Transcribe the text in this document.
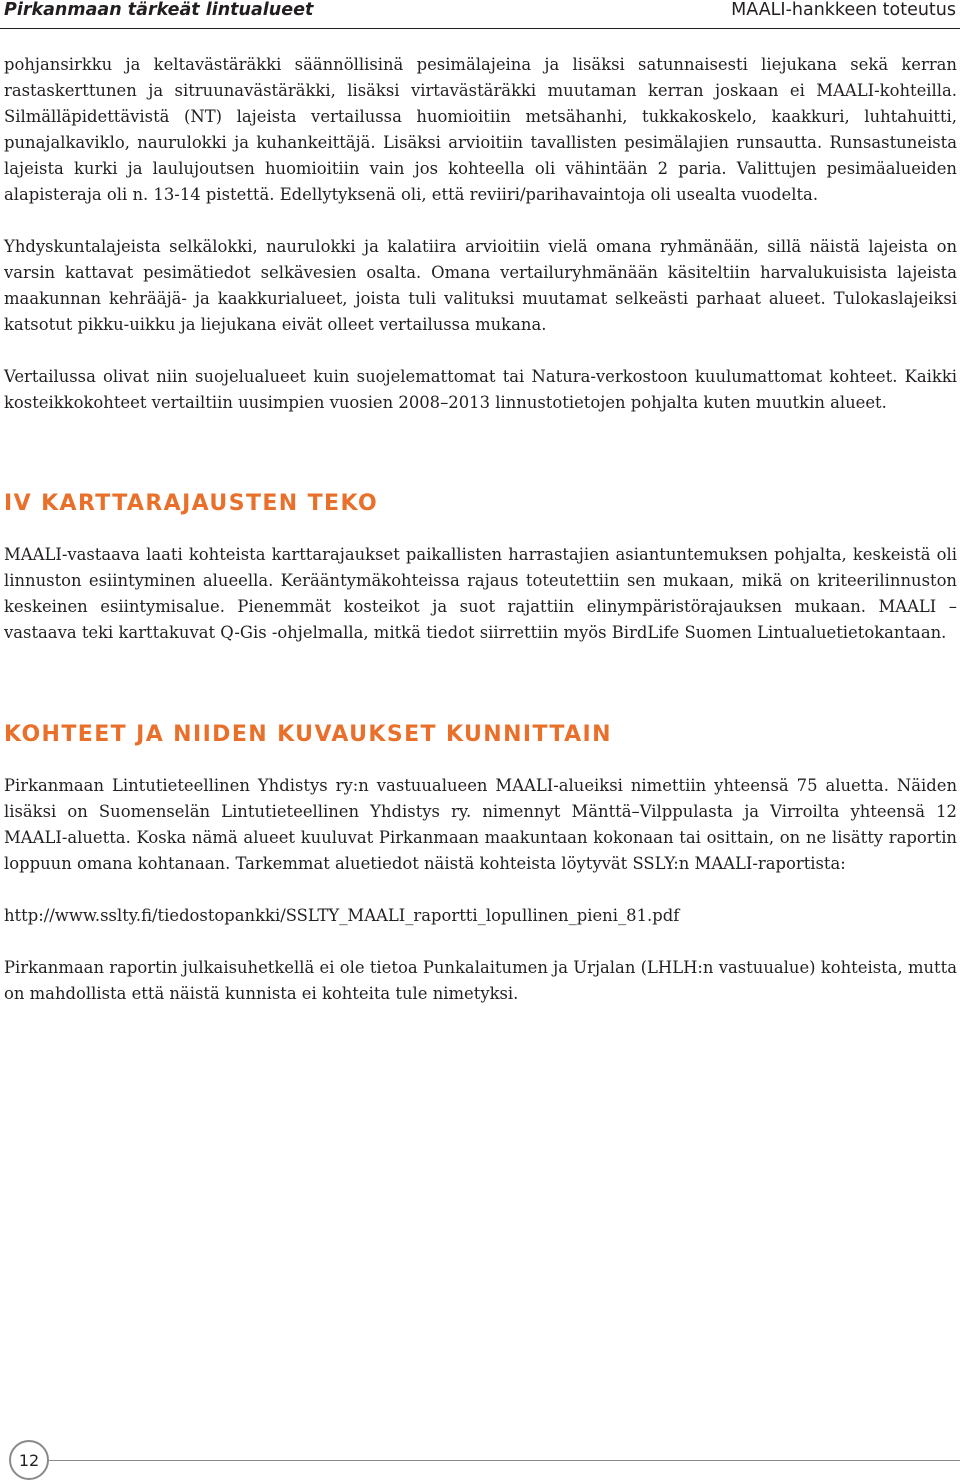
Pirkanmaan tärkeät lintualueet	MAALI-hankkeen toteutus

pohjansirkku ja keltavästäräkki säännöllisinä pesimälajeina ja lisäksi satunnaisesti liejukana sekä kerran rastaskerttunen ja sitruunavästäräkki, lisäksi virtavästäräkki muutaman kerran joskaan ei MAALI-kohteilla. Silmälläpidettävistä (NT) lajeista vertailussa huomioitiin metsähanhi, tukkakoskelo, kaakkuri, luhtahuitti, punajalkaviklo, naurulokki ja kuhankeittäjä. Lisäksi arvioitiin tavallisten pesimälajien runsautta. Runsastuneista lajeista kurki ja laulujoutsen huomioitiin vain jos kohteella oli vähintään 2 paria. Valittujen pesimäalueiden alapisteraja oli n. 13-14 pistettä. Edellytyksenä oli, että reviiri/parihavaintoja oli usealta vuodelta.

Yhdyskuntalajeista selkälokki, naurulokki ja kalatiira arvioitiin vielä omana ryhmänään, sillä näistä lajeista on varsin kattavat pesimätiedot selkävesien osalta. Omana vertailuryhmänään käsiteltiin harvalukuisista lajeista maakunnan kehrääjä- ja kaakkurialueet, joista tuli valituksi muutamat selkeästi parhaat alueet. Tulokaslajeiksi katsotut pikku-uikku ja liejukana eivät olleet vertailussa mukana.

Vertailussa olivat niin suojelualueet kuin suojelemattomat tai Natura-verkostoon kuulumattomat kohteet. Kaikki kosteikkokohteet vertailtiin uusimpien vuosien 2008–2013 linnustotietojen pohjalta kuten muutkin alueet.

IV KARTTARAJAUSTEN TEKO

MAALI-vastaava laati kohteista karttarajaukset paikallisten harrastajien asiantuntemuksen pohjalta, keskeistä oli linnuston esiintyminen alueella. Kerääntymäkohteissa rajaus toteutettiin sen mukaan, mikä on kriteerilinnuston keskeinen esiintymisalue. Pienemmät kosteikot ja suot rajattiin elinympäristörajauksen mukaan. MAALI – vastaava teki karttakuvat Q-Gis -ohjelmalla, mitkä tiedot siirrettiin myös BirdLife Suomen Lintualuetietokantaan.

KOHTEET JA NIIDEN KUVAUKSET KUNNITTAIN

Pirkanmaan Lintutieteellinen Yhdistys ry:n vastuualueen MAALI-alueiksi nimettiin yhteensä 75 aluetta. Näiden lisäksi on Suomenselän Lintutieteellinen Yhdistys ry. nimennyt Mänttä–Vilppulasta ja Virroilta yhteensä 12 MAALI-aluetta. Koska nämä alueet kuuluvat Pirkanmaan maakuntaan kokonaan tai osittain, on ne lisätty raportin loppuun omana kohtanaan. Tarkemmat aluetiedot näistä kohteista löytyvät SSLY:n MAALI-raportista:

http://www.sslty.fi/tiedostopankki/SSLTY_MAALI_raportti_lopullinen_pieni_81.pdf

Pirkanmaan raportin julkaisuhetkellä ei ole tietoa Punkalaitumen ja Urjalan (LHLH:n vastuualue) kohteista, mutta on mahdollista että näistä kunnista ei kohteita tule nimetyksi.

12
